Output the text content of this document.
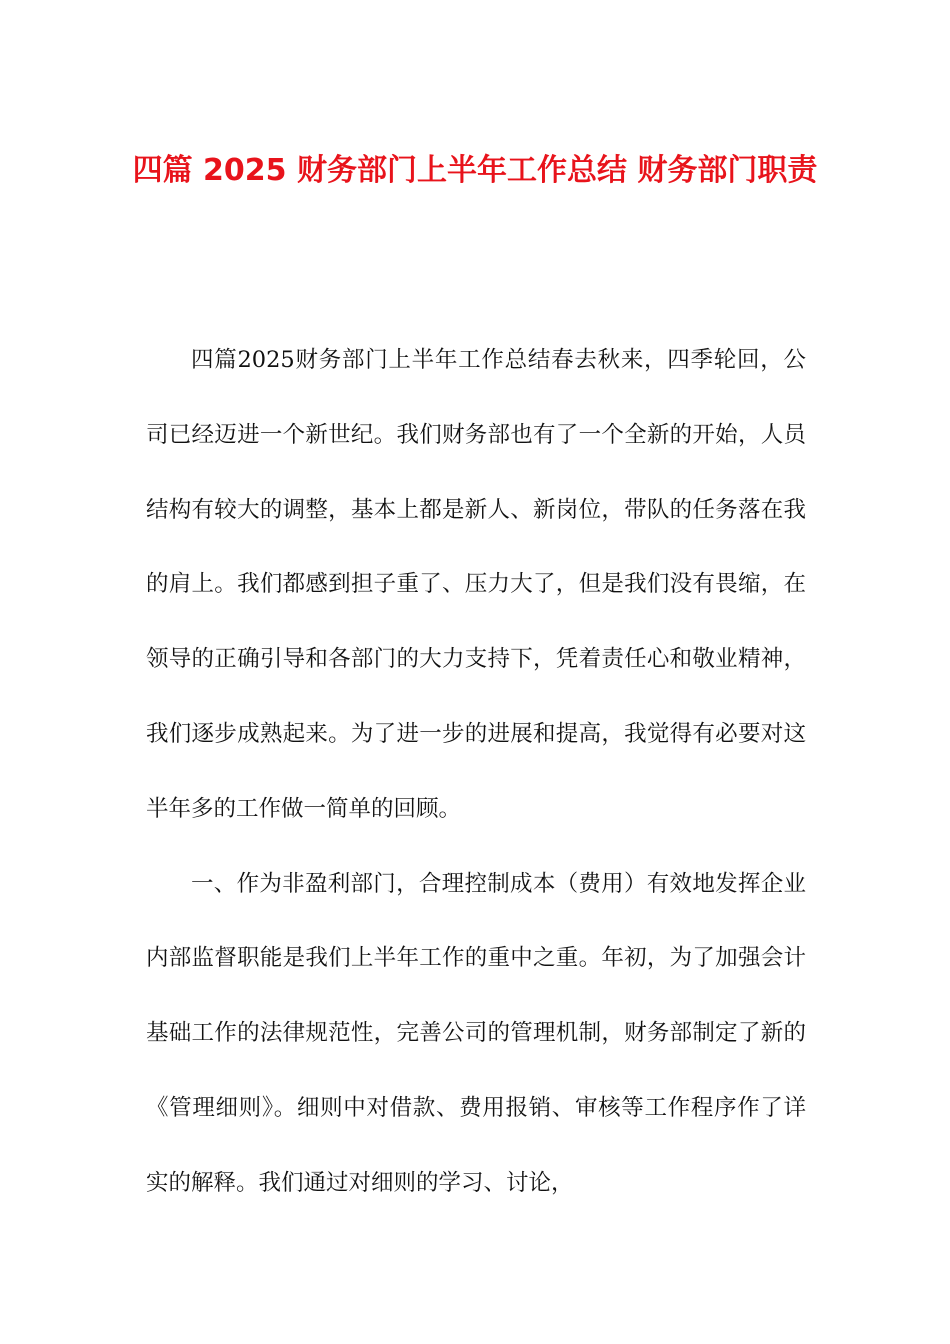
四篇 2025 财务部门上半年工作总结 财务部门职责

四篇2025财务部门上半年工作总结春去秋来，四季轮回，公司已经迈进一个新世纪。我们财务部也有了一个全新的开始，人员结构有较大的调整，基本上都是新人、新岗位，带队的任务落在我的肩上。我们都感到担子重了、压力大了，但是我们没有畏缩，在领导的正确引导和各部门的大力支持下，凭着责任心和敬业精神，我们逐步成熟起来。为了进一步的进展和提高，我觉得有必要对这半年多的工作做一简单的回顾。

一、作为非盈利部门，合理控制成本（费用）有效地发挥企业内部监督职能是我们上半年工作的重中之重。年初，为了加强会计基础工作的法律规范性，完善公司的管理机制，财务部制定了新的《管理细则》。细则中对借款、费用报销、审核等工作程序作了详实的解释。我们通过对细则的学习、讨论，
